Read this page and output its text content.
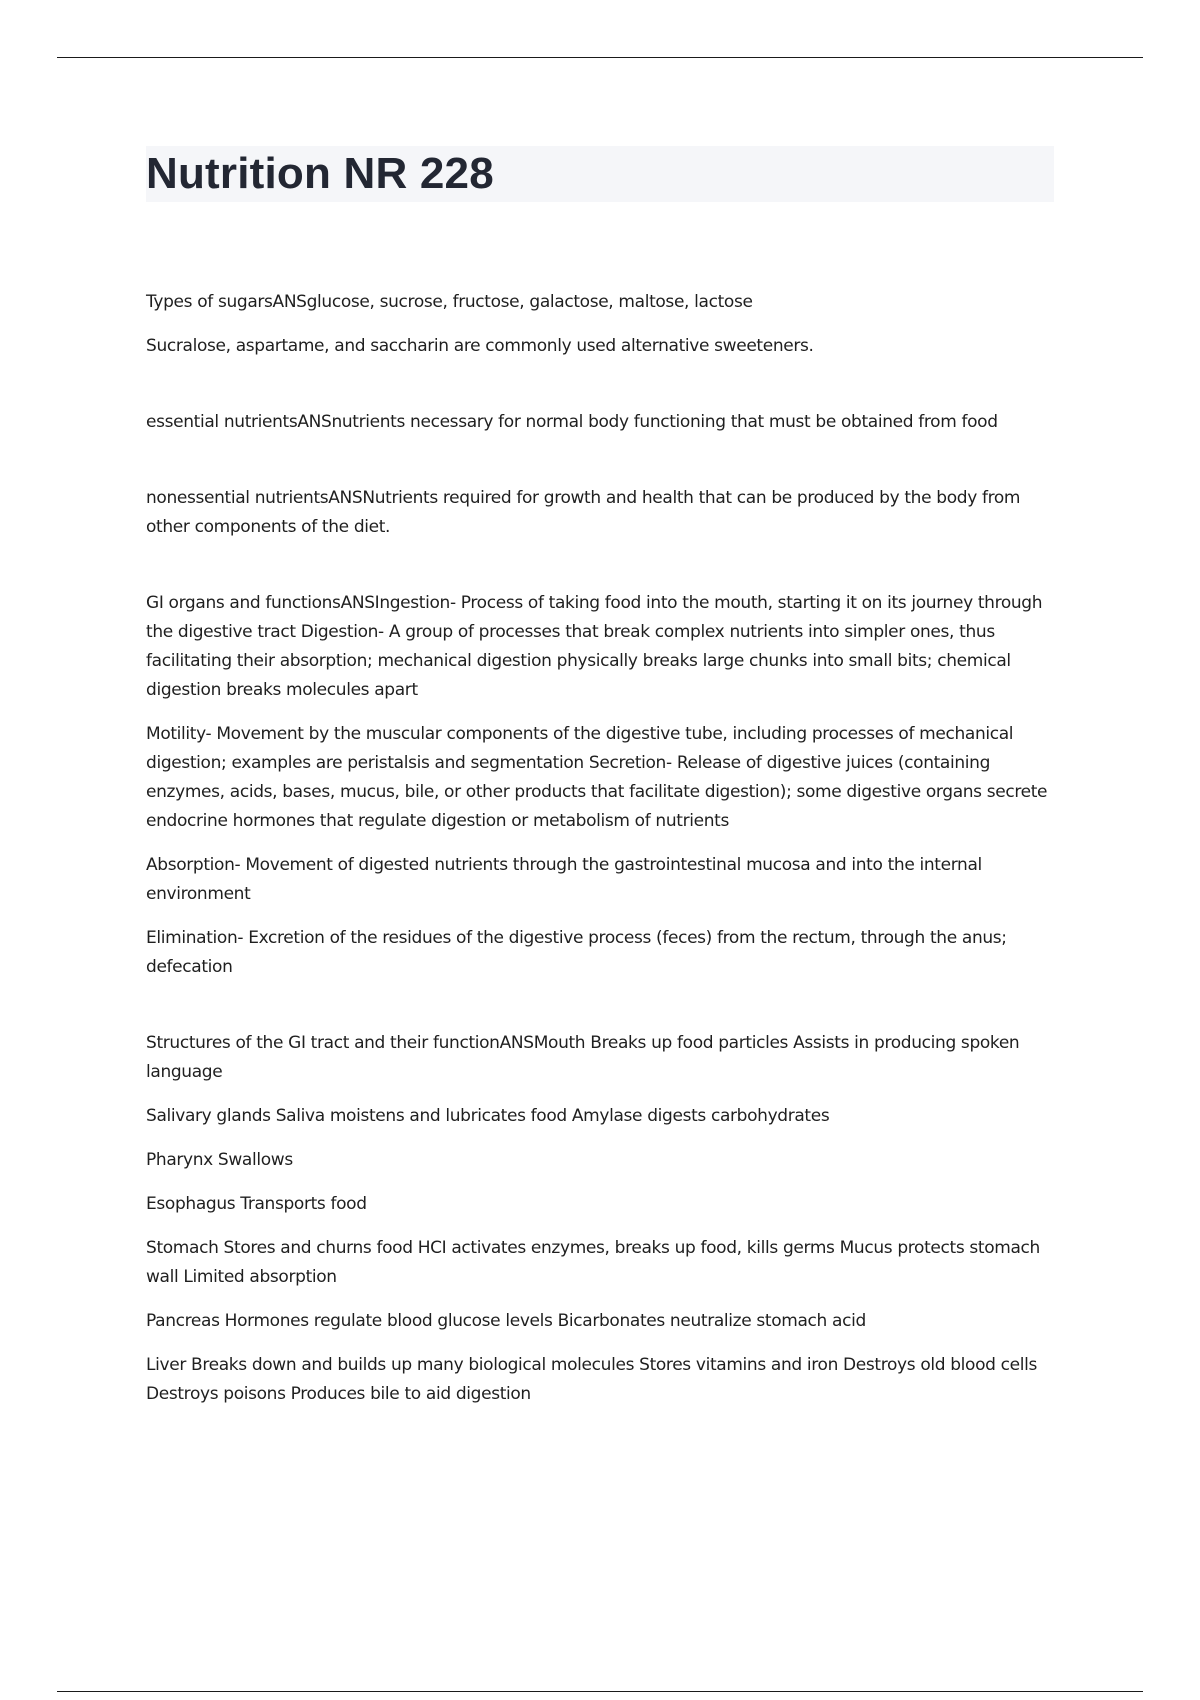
Nutrition NR 228

Types of sugarsANSglucose, sucrose, fructose, galactose, maltose, lactose

Sucralose, aspartame, and saccharin are commonly used alternative sweeteners.

essential nutrientsANSnutrients necessary for normal body functioning that must be obtained from food

nonessential nutrientsANSNutrients required for growth and health that can be produced by the body from other components of the diet.

GI organs and functionsANSIngestion- Process of taking food into the mouth, starting it on its journey through the digestive tract Digestion- A group of processes that break complex nutrients into simpler ones, thus facilitating their absorption; mechanical digestion physically breaks large chunks into small bits; chemical digestion breaks molecules apart

Motility- Movement by the muscular components of the digestive tube, including processes of mechanical digestion; examples are peristalsis and segmentation Secretion- Release of digestive juices (containing enzymes, acids, bases, mucus, bile, or other products that facilitate digestion); some digestive organs secrete endocrine hormones that regulate digestion or metabolism of nutrients

Absorption- Movement of digested nutrients through the gastrointestinal mucosa and into the internal environment

Elimination- Excretion of the residues of the digestive process (feces) from the rectum, through the anus; defecation

Structures of the GI tract and their functionANSMouth Breaks up food particles Assists in producing spoken language

Salivary glands Saliva moistens and lubricates food Amylase digests carbohydrates

Pharynx Swallows

Esophagus Transports food

Stomach Stores and churns food HCI activates enzymes, breaks up food, kills germs Mucus protects stomach wall Limited absorption

Pancreas Hormones regulate blood glucose levels Bicarbonates neutralize stomach acid

Liver Breaks down and builds up many biological molecules Stores vitamins and iron Destroys old blood cells Destroys poisons Produces bile to aid digestion
